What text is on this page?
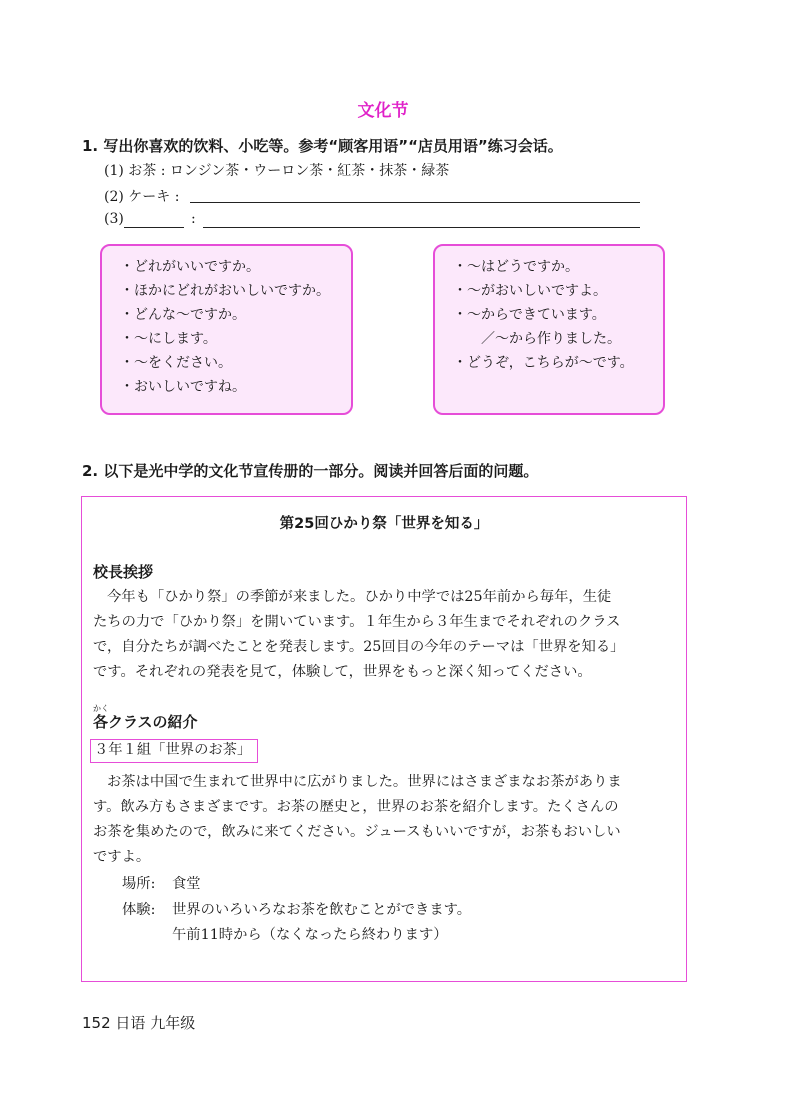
文化节
1. 写出你喜欢的饮料、小吃等。参考“顾客用语”“店员用语”练习会话。
(1) お茶 : ロンジン茶・ウーロン茶・紅茶・抹茶・緑茶
(2) ケーキ :
(3)	:
・どれがいいですか。
・ほかにどれがおいしいですか。
・どんな～ですか。
・～にします。
・～をください。
・おいしいですね。
・～はどうですか。
・～がおいしいですよ。
・～からできています。
／～から作りました。
・どうぞ，こちらが～です。
2. 以下是光中学的文化节宣传册的一部分。阅读并回答后面的问题。
第25回ひかり祭「世界を知る」
校長挨拶
今年も「ひかり祭」の季節が来ました。ひかり中学では25年前から毎年，生徒
たちの力で「ひかり祭」を開いています。１年生から３年生までそれぞれのクラス
で，自分たちが調べたことを発表します。25回目の今年のテーマは「世界を知る」
です。それぞれの発表を見て，体験して，世界をもっと深く知ってください。
かく
各クラスの紹介
３年１組「世界のお茶」
お茶は中国で生まれて世界中に広がりました。世界にはさまざまなお茶がありま
す。飲み方もさまざまです。お茶の歴史と，世界のお茶を紹介します。たくさんの
お茶を集めたので，飲みに来てください。ジュースもいいですが，お茶もおいしい
ですよ。
場所: 食堂
体験: 世界のいろいろなお茶を飲むことができます。
午前11時から（なくなったら終わります）
152 日语 九年级
